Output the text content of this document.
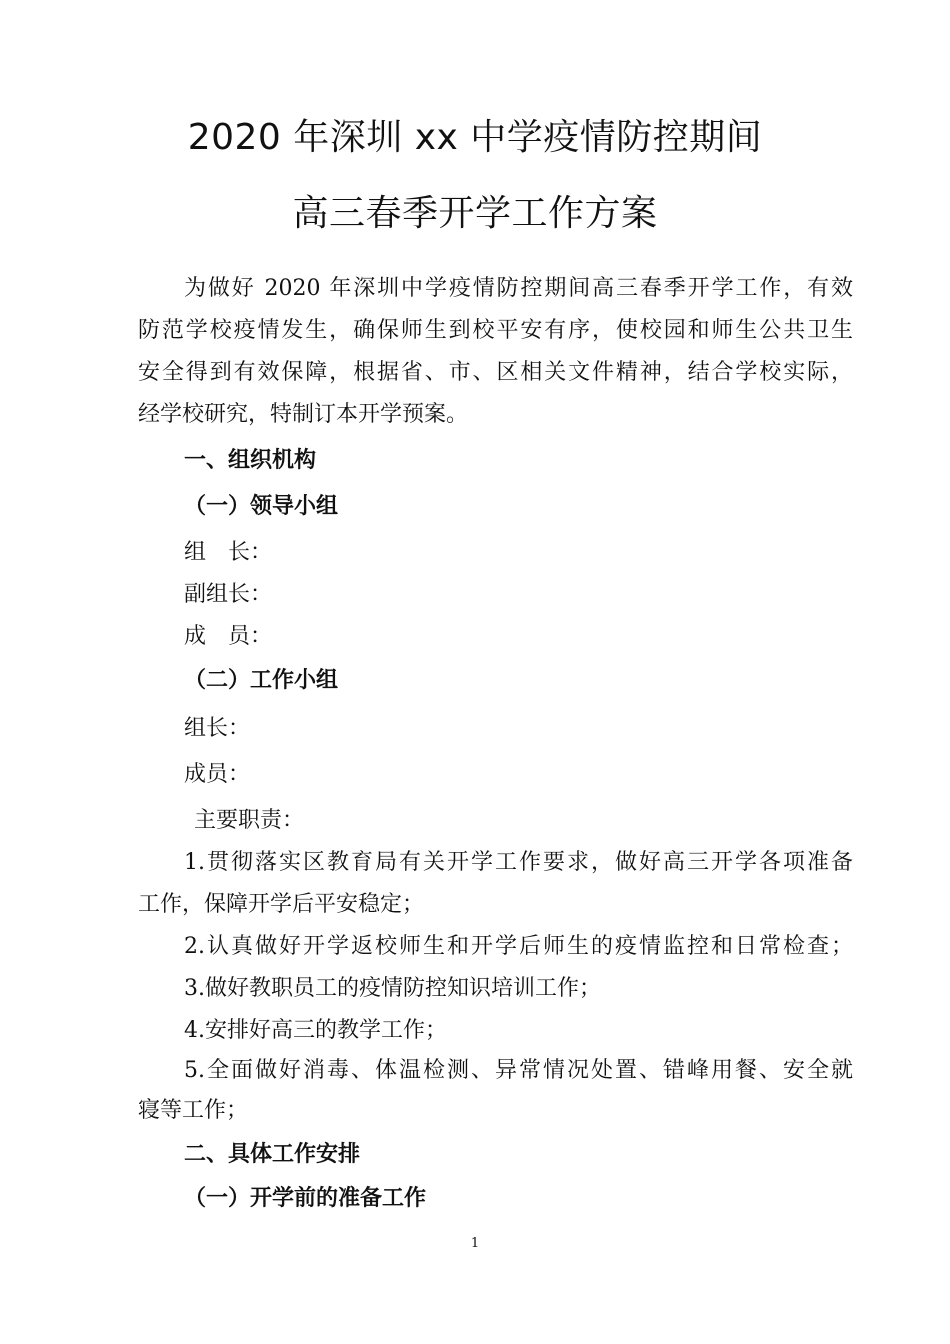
2020 年深圳 xx 中学疫情防控期间
高三春季开学工作方案

为做好 2020 年深圳中学疫情防控期间高三春季开学工作，有效

防范学校疫情发生，确保师生到校平安有序，使校园和师生公共卫生

安全得到有效保障，根据省、市、区相关文件精神，结合学校实际，

经学校研究，特制订本开学预案。

一、组织机构

（一）领导小组

组　长：

副组长：

成　员：

（二）工作小组

组长：

成员：

主要职责：

1.贯彻落实区教育局有关开学工作要求，做好高三开学各项准备

工作，保障开学后平安稳定；

2.认真做好开学返校师生和开学后师生的疫情监控和日常检查；

3.做好教职员工的疫情防控知识培训工作；

4.安排好高三的教学工作；

5.全面做好消毒、体温检测、异常情况处置、错峰用餐、安全就

寝等工作；

二、具体工作安排

（一）开学前的准备工作

1
